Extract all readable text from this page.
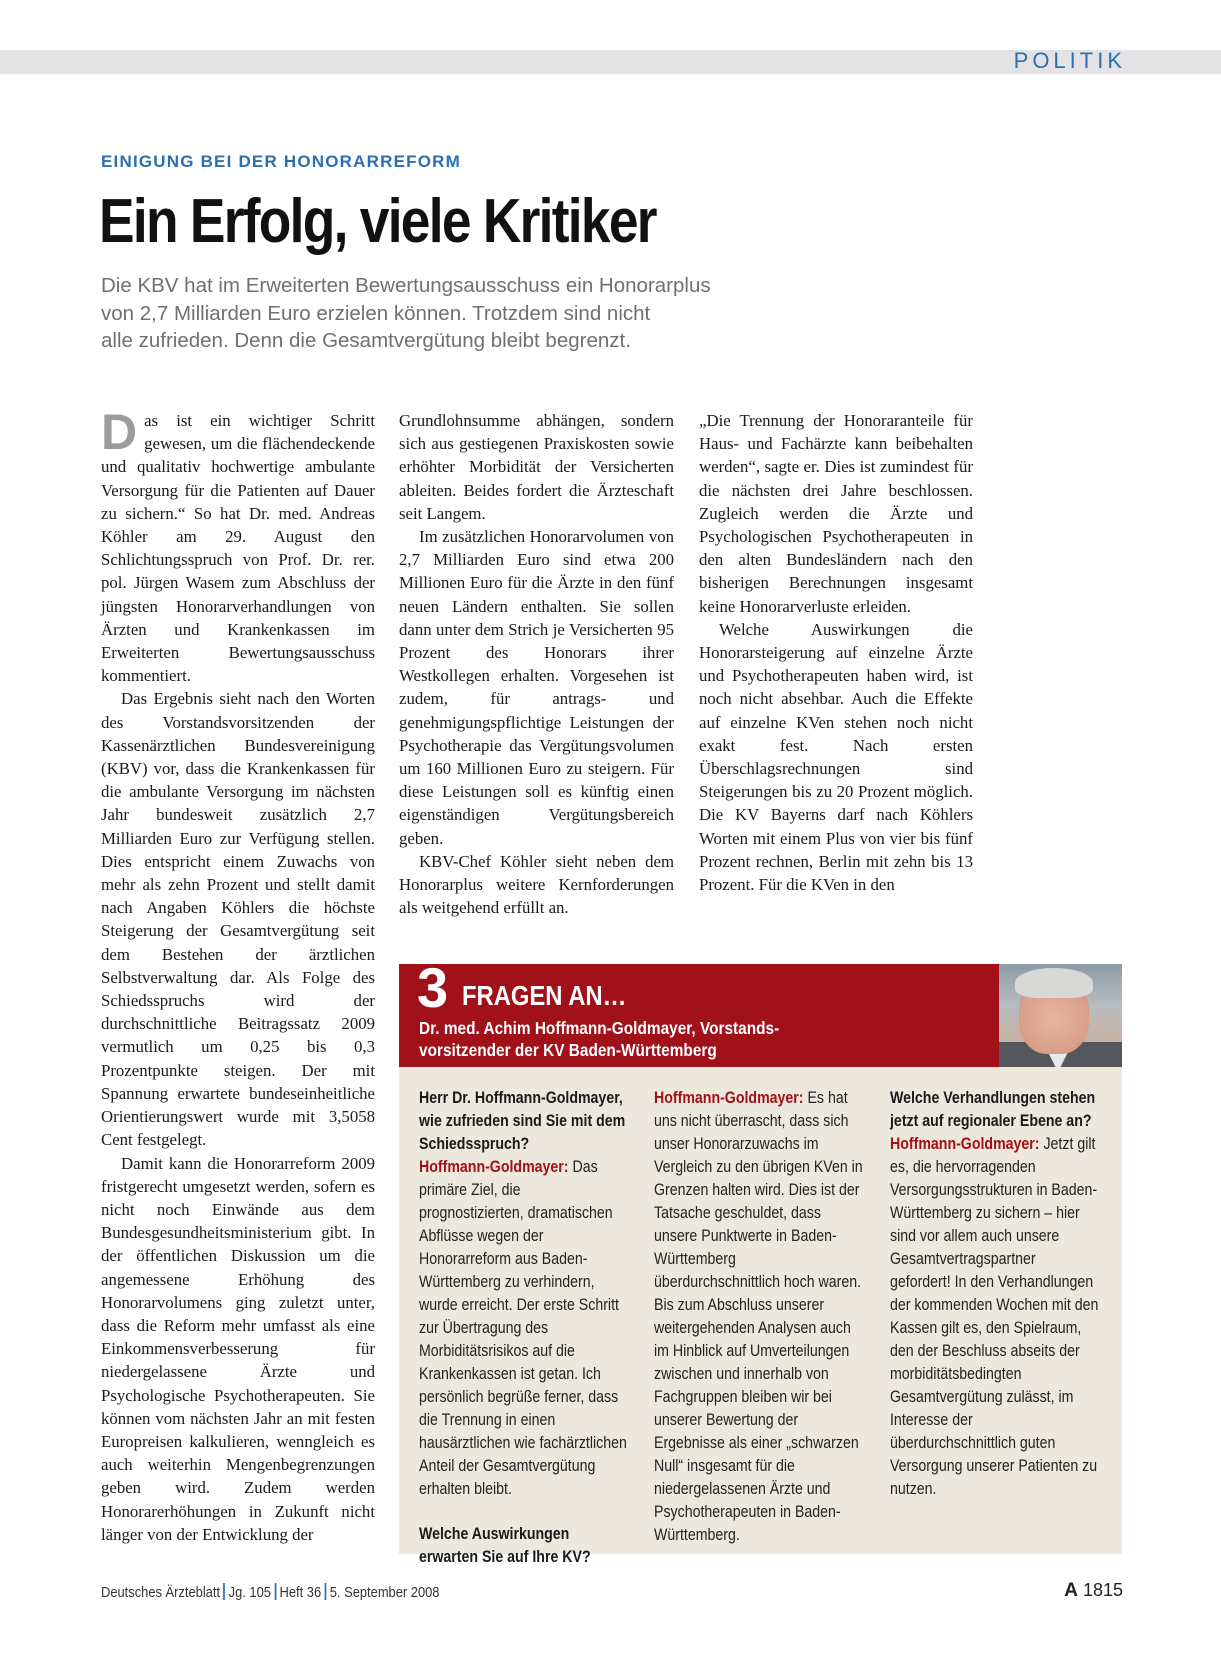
POLITIK
EINIGUNG BEI DER HONORARREFORM
Ein Erfolg, viele Kritiker
Die KBV hat im Erweiterten Bewertungsausschuss ein Honorarplus
von 2,7 Milliarden Euro erzielen können. Trotzdem sind nicht
alle zufrieden. Denn die Gesamtvergütung bleibt begrenzt.

Das ist ein wichtiger Schritt gewesen, um die flächendeckende und qualitativ hochwertige ambulante Versorgung für die Patienten auf Dauer zu sichern.“ So hat Dr. med. Andreas Köhler am 29. August den Schlichtungsspruch von Prof. Dr. rer. pol. Jürgen Wasem zum Abschluss der jüngsten Honorarverhandlungen von Ärzten und Krankenkassen im Erweiterten Bewertungsausschuss kommentiert.

Das Ergebnis sieht nach den Worten des Vorstandsvorsitzenden der Kassenärztlichen Bundesvereinigung (KBV) vor, dass die Krankenkassen für die ambulante Versorgung im nächsten Jahr bundesweit zusätzlich 2,7 Milliarden Euro zur Verfügung stellen. Dies entspricht einem Zuwachs von mehr als zehn Prozent und stellt damit nach Angaben Köhlers die höchste Steigerung der Gesamtvergütung seit dem Bestehen der ärztlichen Selbstverwaltung dar. Als Folge des Schiedsspruchs wird der durchschnittliche Beitragssatz 2009 vermutlich um 0,25 bis 0,3 Prozentpunkte steigen. Der mit Spannung erwartete bundeseinheitliche Orientierungswert wurde mit 3,5058 Cent festgelegt.

Damit kann die Honorarreform 2009 fristgerecht umgesetzt werden, sofern es nicht noch Einwände aus dem Bundesgesundheitsministerium gibt. In der öffentlichen Diskussion um die angemessene Erhöhung des Honorarvolumens ging zuletzt unter, dass die Reform mehr umfasst als eine Einkommensverbesserung für niedergelassene Ärzte und Psychologische Psychotherapeuten. Sie können vom nächsten Jahr an mit festen Europreisen kalkulieren, wenngleich es auch weiterhin Mengenbegrenzungen geben wird. Zudem werden Honorarerhöhungen in Zukunft nicht länger von der Entwicklung der

Grundlohnsumme abhängen, sondern sich aus gestiegenen Praxiskosten sowie erhöhter Morbidität der Versicherten ableiten. Beides fordert die Ärzteschaft seit Langem.

Im zusätzlichen Honorarvolumen von 2,7 Milliarden Euro sind etwa 200 Millionen Euro für die Ärzte in den fünf neuen Ländern enthalten. Sie sollen dann unter dem Strich je Versicherten 95 Prozent des Honorars ihrer Westkollegen erhalten. Vorgesehen ist zudem, für antrags- und genehmigungspflichtige Leistungen der Psychotherapie das Vergütungsvolumen um 160 Millionen Euro zu steigern. Für diese Leistungen soll es künftig einen eigenständigen Vergütungsbereich geben.

KBV-Chef Köhler sieht neben dem Honorarplus weitere Kernforderungen als weitgehend erfüllt an.

„Die Trennung der Honoraranteile für Haus- und Fachärzte kann beibehalten werden“, sagte er. Dies ist zumindest für die nächsten drei Jahre beschlossen. Zugleich werden die Ärzte und Psychologischen Psychotherapeuten in den alten Bundesländern nach den bisherigen Berechnungen insgesamt keine Honorarverluste erleiden.

Welche Auswirkungen die Honorarsteigerung auf einzelne Ärzte und Psychotherapeuten haben wird, ist noch nicht absehbar. Auch die Effekte auf einzelne KVen stehen noch nicht exakt fest. Nach ersten Überschlagsrechnungen sind Steigerungen bis zu 20 Prozent möglich. Die KV Bayerns darf nach Köhlers Worten mit einem Plus von vier bis fünf Prozent rechnen, Berlin mit zehn bis 13 Prozent. Für die KVen in den

3 FRAGEN AN…
Dr. med. Achim Hoffmann-Goldmayer, Vorstands-
vorsitzender der KV Baden-Württemberg
Herr Dr. Hoffmann-Goldmayer, wie zufrieden sind Sie mit dem Schiedsspruch?
Hoffmann-Goldmayer: Das primäre Ziel, die prognostizierten, dramatischen Abflüsse wegen der Honorarreform aus Baden-Württemberg zu verhindern, wurde erreicht. Der erste Schritt zur Übertragung des Morbiditätsrisikos auf die Krankenkassen ist getan. Ich persönlich begrüße ferner, dass die Trennung in einen hausärztlichen wie fachärztlichen Anteil der Gesamtvergütung erhalten bleibt.
Welche Auswirkungen erwarten Sie auf Ihre KV?
Hoffmann-Goldmayer: Es hat uns nicht überrascht, dass sich unser Honorarzuwachs im Vergleich zu den übrigen KVen in Grenzen halten wird. Dies ist der Tatsache geschuldet, dass unsere Punktwerte in Baden-Württemberg überdurchschnittlich hoch waren. Bis zum Abschluss unserer weitergehenden Analysen auch im Hinblick auf Umverteilungen zwischen und innerhalb von Fachgruppen bleiben wir bei unserer Bewertung der Ergebnisse als einer „schwarzen Null“ insgesamt für die niedergelassenen Ärzte und Psychotherapeuten in Baden-Württemberg.
Welche Verhandlungen stehen jetzt auf regionaler Ebene an?
Hoffmann-Goldmayer: Jetzt gilt es, die hervorragenden Versorgungsstrukturen in Baden-Württemberg zu sichern – hier sind vor allem auch unsere Gesamtvertragspartner gefordert! In den Verhandlungen der kommenden Wochen mit den Kassen gilt es, den Spielraum, den der Beschluss abseits der morbiditätsbedingten Gesamtvergütung zulässt, im Interesse der überdurchschnittlich guten Versorgung unserer Patienten zu nutzen.
Deutsches Ärzteblatt Jg. 105 Heft 36 5. September 2008	A 1815
